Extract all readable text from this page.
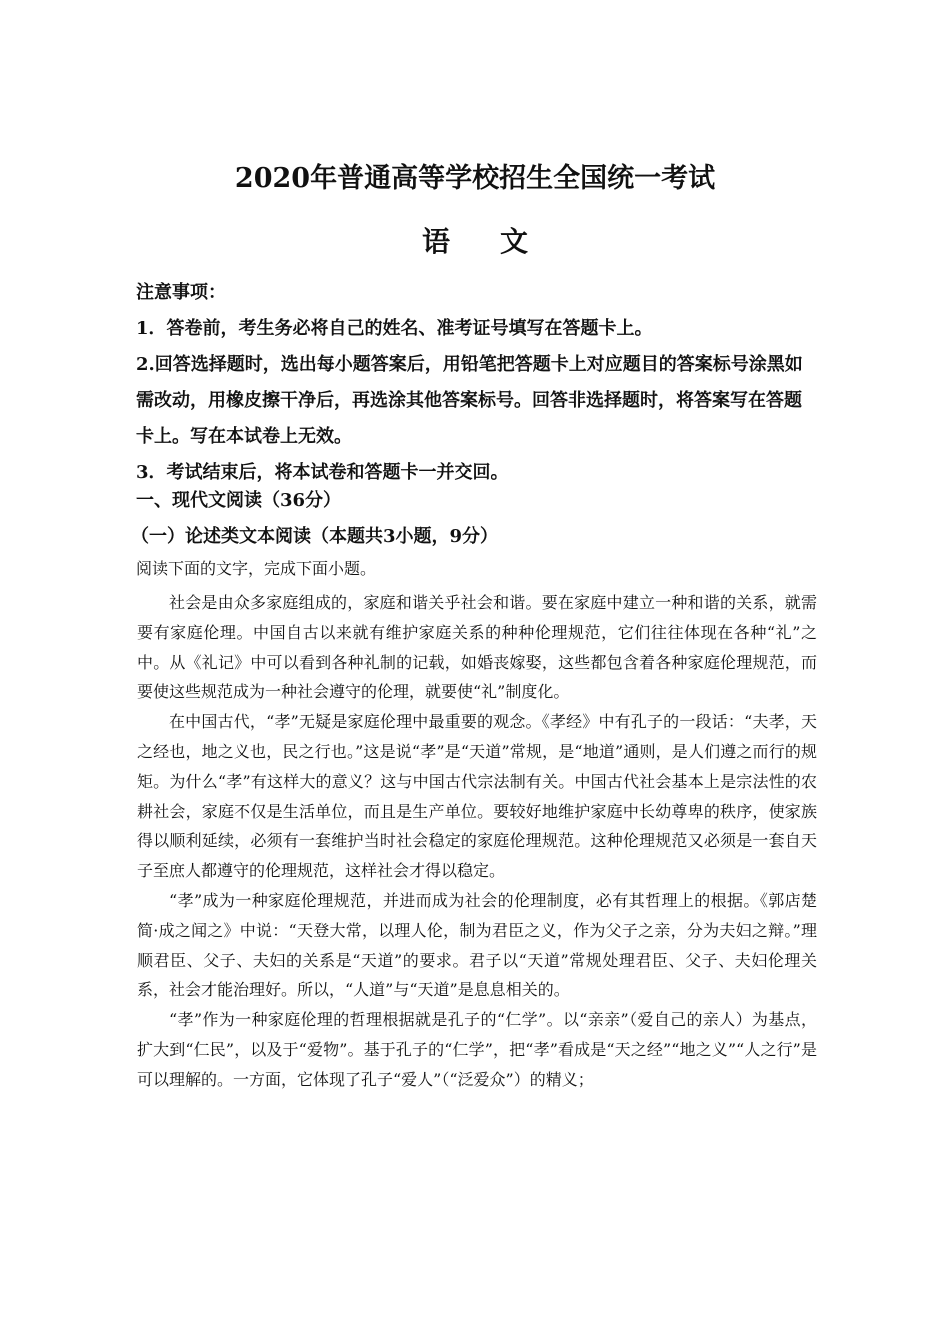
2020年普通高等学校招生全国统一考试
语文

注意事项：

1．答卷前，考生务必将自己的姓名、准考证号填写在答题卡上。

2.回答选择题时，选出每小题答案后，用铅笔把答题卡上对应题目的答案标号涂黑如需改动，用橡皮擦干净后，再选涂其他答案标号。回答非选择题时，将答案写在答题卡上。写在本试卷上无效。

3．考试结束后，将本试卷和答题卡一并交回。

一、现代文阅读（36分）
（一）论述类文本阅读（本题共3小题，9分）
阅读下面的文字，完成下面小题。

社会是由众多家庭组成的，家庭和谐关乎社会和谐。要在家庭中建立一种和谐的关系，就需要有家庭伦理。中国自古以来就有维护家庭关系的种种伦理规范，它们往往体现在各种“礼”之中。从《礼记》中可以看到各种礼制的记载，如婚丧嫁娶，这些都包含着各种家庭伦理规范，而要使这些规范成为一种社会遵守的伦理，就要使“礼”制度化。

在中国古代，“孝”无疑是家庭伦理中最重要的观念。《孝经》中有孔子的一段话：“夫孝，天之经也，地之义也，民之行也。”这是说“孝”是“天道”常规，是“地道”通则，是人们遵之而行的规矩。为什么“孝”有这样大的意义？这与中国古代宗法制有关。中国古代社会基本上是宗法性的农耕社会，家庭不仅是生活单位，而且是生产单位。要较好地维护家庭中长幼尊卑的秩序，使家族得以顺利延续，必须有一套维护当时社会稳定的家庭伦理规范。这种伦理规范又必须是一套自天子至庶人都遵守的伦理规范，这样社会才得以稳定。

“孝”成为一种家庭伦理规范，并进而成为社会的伦理制度，必有其哲理上的根据。《郭店楚简·成之闻之》中说：“天登大常，以理人伦，制为君臣之义，作为父子之亲，分为夫妇之辩。”理顺君臣、父子、夫妇的关系是“天道”的要求。君子以“天道”常规处理君臣、父子、夫妇伦理关系，社会才能治理好。所以，“人道”与“天道”是息息相关的。

“孝”作为一种家庭伦理的哲理根据就是孔子的“仁学”。以“亲亲”（爱自己的亲人）为基点，扩大到“仁民”，以及于“爱物”。基于孔子的“仁学”，把“孝”看成是“天之经”“地之义”“人之行”是可以理解的。一方面，它体现了孔子“爱人”（“泛爱众”）的精义；
